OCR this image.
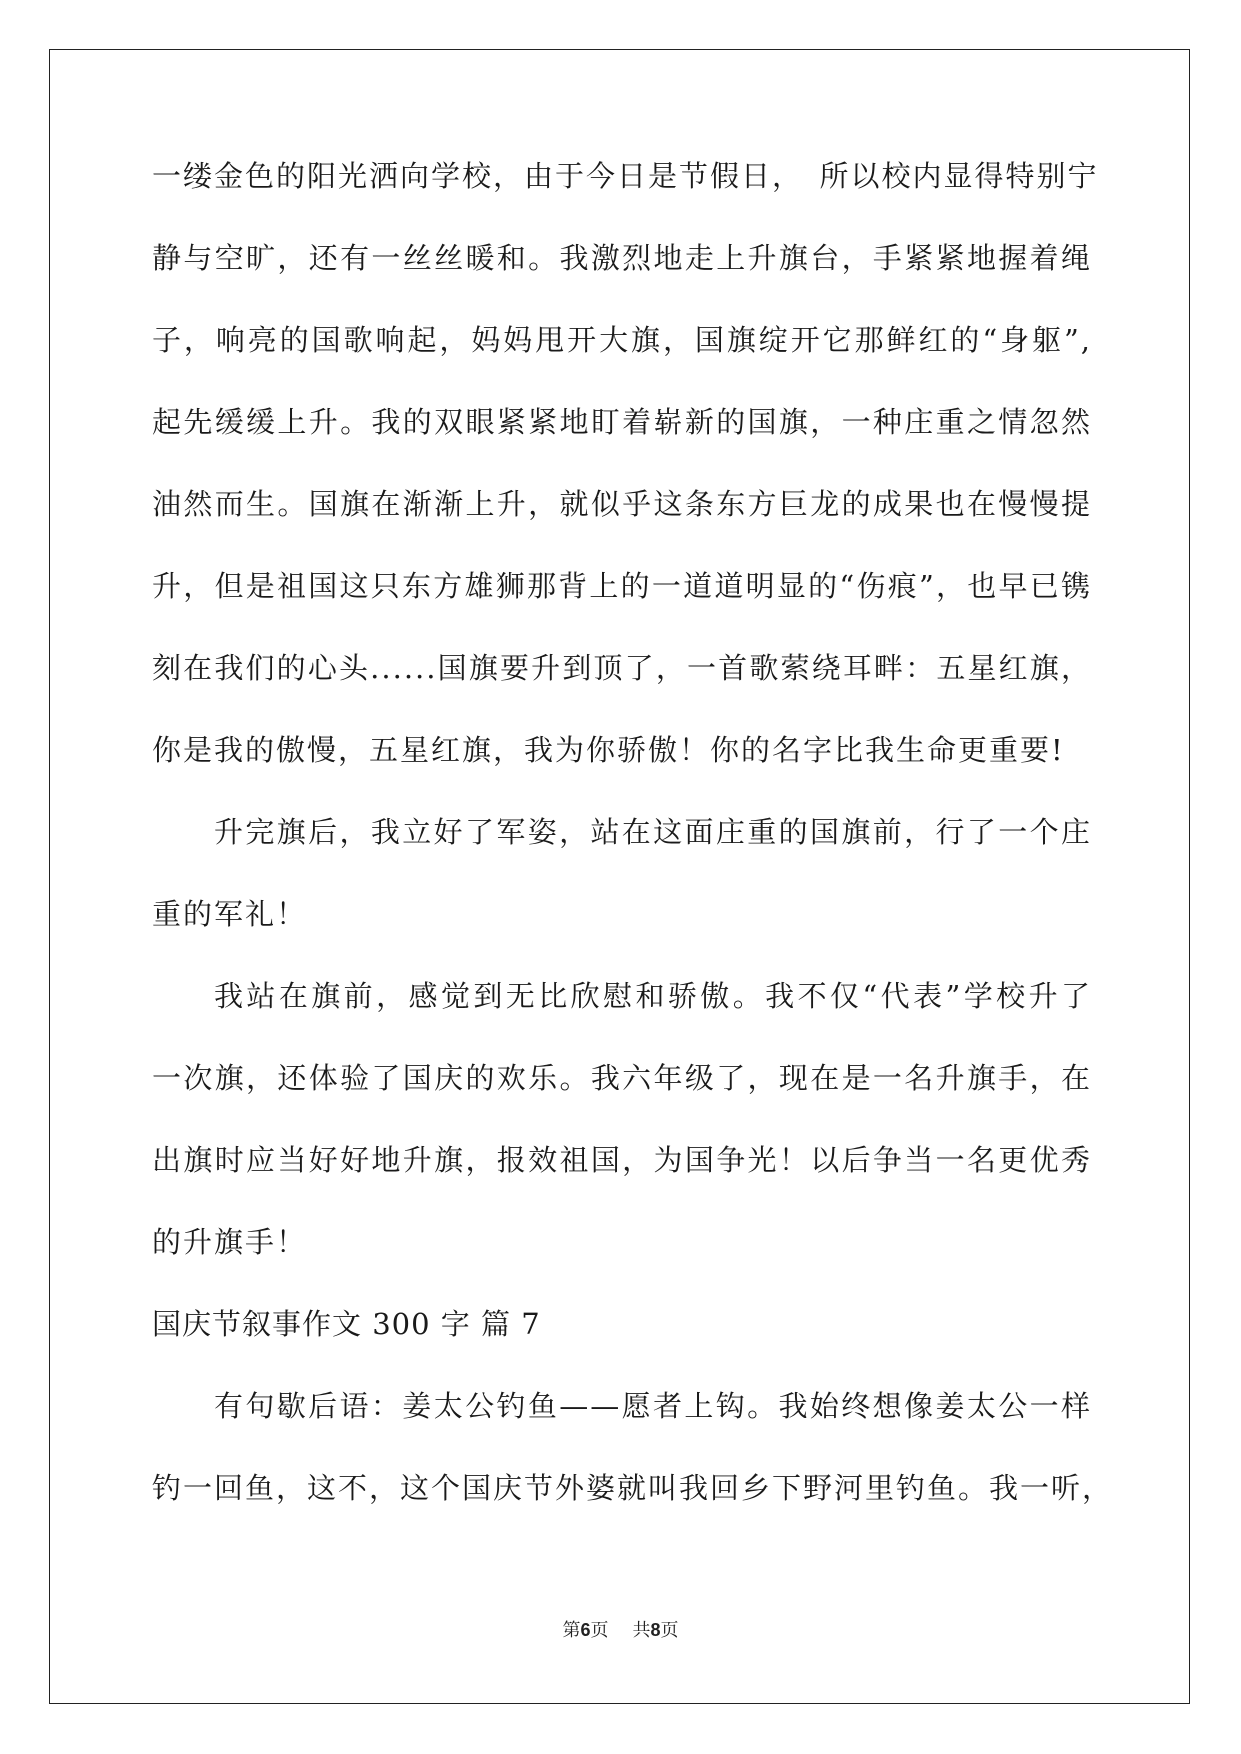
一缕金色的阳光洒向学校，由于今日是节假日，　所以校内显得特别宁
静与空旷，还有一丝丝暖和。我激烈地走上升旗台，手紧紧地握着绳
子，响亮的国歌响起，妈妈甩开大旗，国旗绽开它那鲜红的“身躯”,
起先缓缓上升。我的双眼紧紧地盯着崭新的国旗，一种庄重之情忽然
油然而生。国旗在渐渐上升，就似乎这条东方巨龙的成果也在慢慢提
升，但是祖国这只东方雄狮那背上的一道道明显的“伤痕”，也早已镌
刻在我们的心头......国旗要升到顶了，一首歌萦绕耳畔：五星红旗，
你是我的傲慢，五星红旗，我为你骄傲！你的名字比我生命更重要!
升完旗后，我立好了军姿，站在这面庄重的国旗前，行了一个庄
重的军礼！
我站在旗前，感觉到无比欣慰和骄傲。我不仅“代表”学校升了
一次旗，还体验了国庆的欢乐。我六年级了，现在是一名升旗手，在
出旗时应当好好地升旗，报效祖国，为国争光！以后争当一名更优秀
的升旗手！
国庆节叙事作文 300 字 篇 7
有句歇后语：姜太公钓鱼——愿者上钩。我始终想像姜太公一样
钓一回鱼，这不，这个国庆节外婆就叫我回乡下野河里钓鱼。我一听，
第6页 共8页
